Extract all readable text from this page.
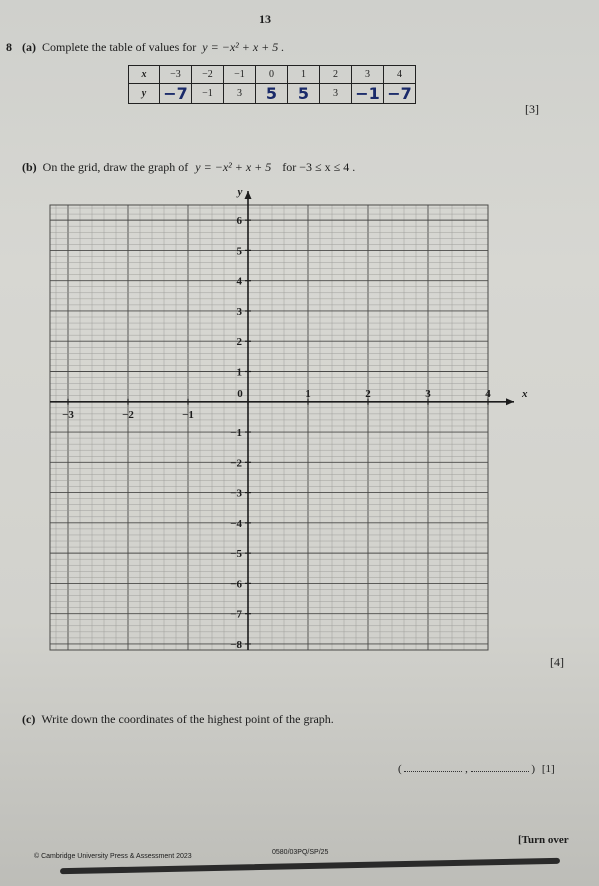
13
8 (a) Complete the table of values for y = −x² + x + 5 .
x	−3	−2	−1	0	1	2	3	4
y	−7	−1	3	5	5	3	−1	−7
[3]
(b) On the grid, draw the graph of y = −x² + x + 5 for −3 ≤ x ≤ 4 .
x
y
−3	−2	−1
0	1	2	3	4
−8
−7
−6
−5
−4
−3
−2
−1
1
2
3
4
5
6
[4]
(c) Write down the coordinates of the highest point of the graph.
(	,	) [1]
[Turn over
© Cambridge University Press & Assessment 2023
0580/03PQ/SP/25
